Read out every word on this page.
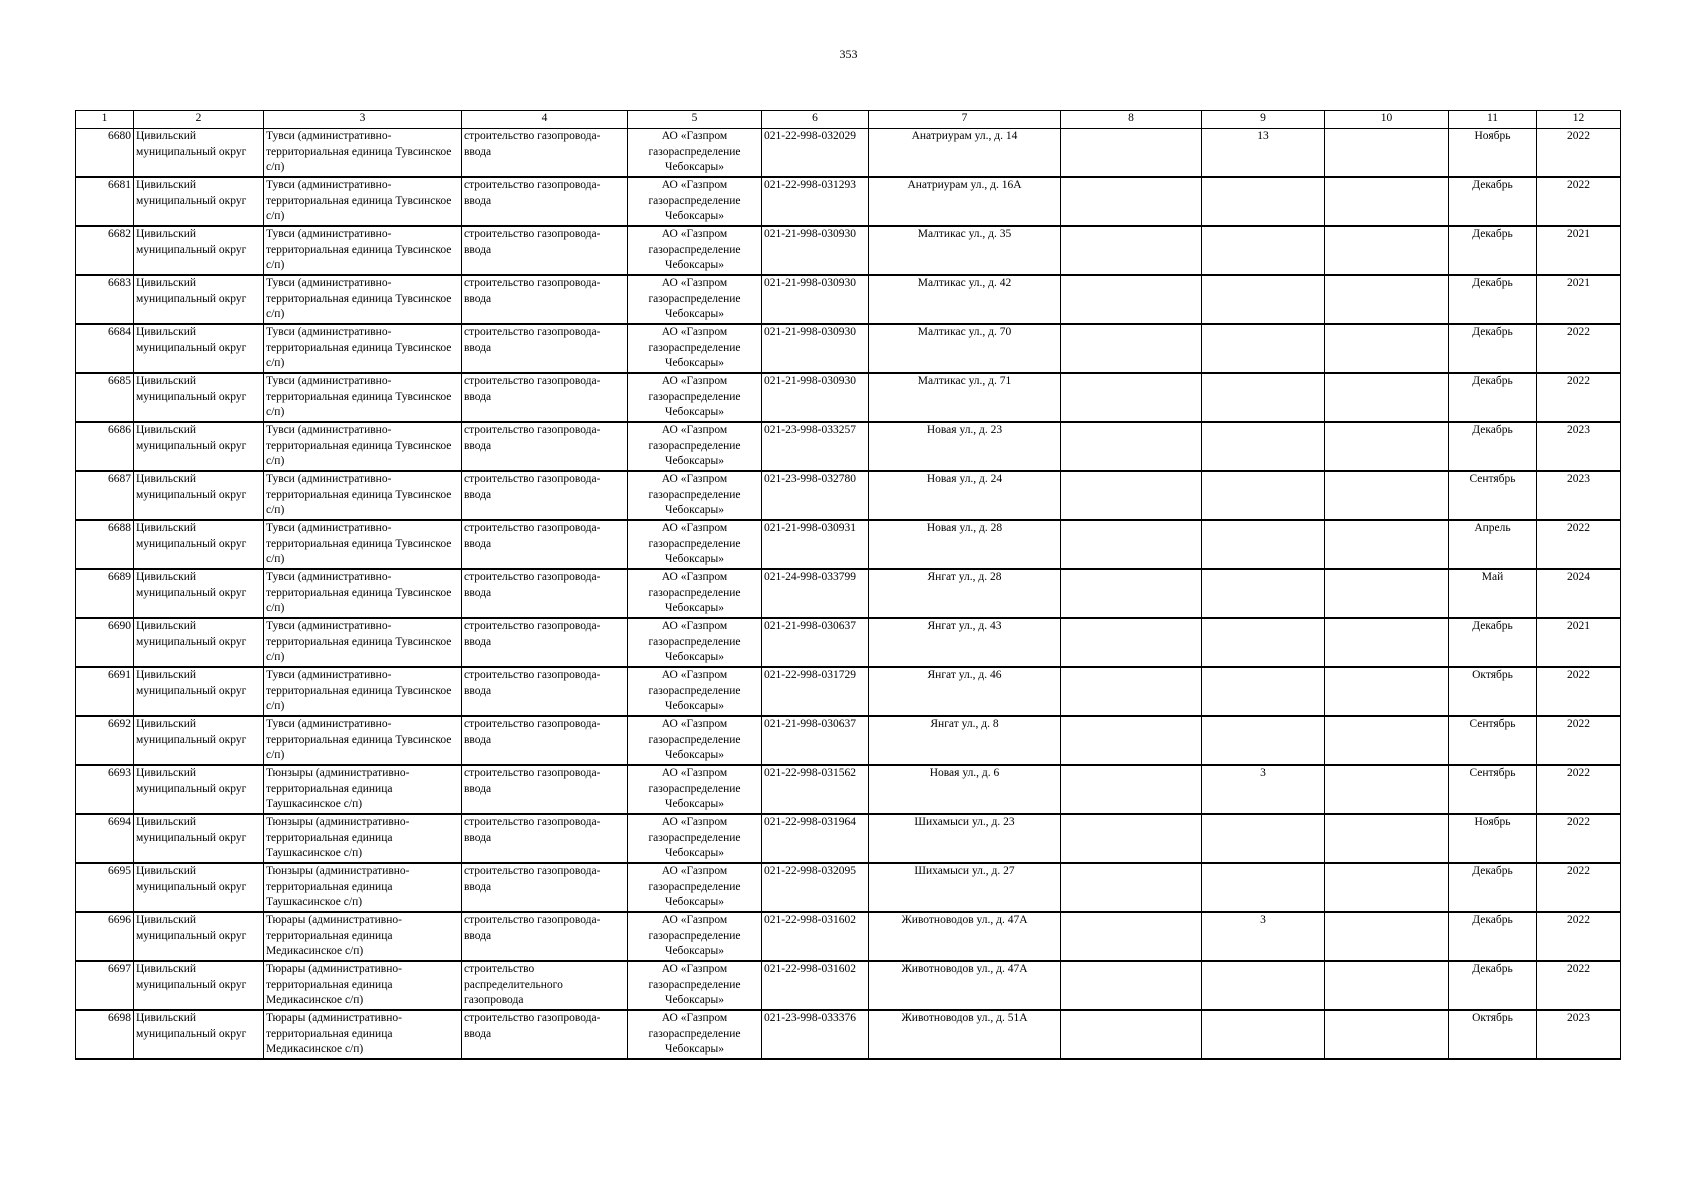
353
1	2	3	4	5	6	7	8	9	10	11	12
6680	Цивильский муниципальный округ	Тувси (административно-территориальная единица Тувсинское с/п)	строительство газопровода-ввода	АО «Газпром газораспределение Чебоксары»	021-22-998-032029	Анатриурам ул., д. 14		13		Ноябрь	2022
6681	Цивильский муниципальный округ	Тувси (административно-территориальная единица Тувсинское с/п)	строительство газопровода-ввода	АО «Газпром газораспределение Чебоксары»	021-22-998-031293	Анатриурам ул., д. 16А				Декабрь	2022
6682	Цивильский муниципальный округ	Тувси (административно-территориальная единица Тувсинское с/п)	строительство газопровода-ввода	АО «Газпром газораспределение Чебоксары»	021-21-998-030930	Малтикас ул., д. 35				Декабрь	2021
6683	Цивильский муниципальный округ	Тувси (административно-территориальная единица Тувсинское с/п)	строительство газопровода-ввода	АО «Газпром газораспределение Чебоксары»	021-21-998-030930	Малтикас ул., д. 42				Декабрь	2021
6684	Цивильский муниципальный округ	Тувси (административно-территориальная единица Тувсинское с/п)	строительство газопровода-ввода	АО «Газпром газораспределение Чебоксары»	021-21-998-030930	Малтикас ул., д. 70				Декабрь	2022
6685	Цивильский муниципальный округ	Тувси (административно-территориальная единица Тувсинское с/п)	строительство газопровода-ввода	АО «Газпром газораспределение Чебоксары»	021-21-998-030930	Малтикас ул., д. 71				Декабрь	2022
6686	Цивильский муниципальный округ	Тувси (административно-территориальная единица Тувсинское с/п)	строительство газопровода-ввода	АО «Газпром газораспределение Чебоксары»	021-23-998-033257	Новая ул., д. 23				Декабрь	2023
6687	Цивильский муниципальный округ	Тувси (административно-территориальная единица Тувсинское с/п)	строительство газопровода-ввода	АО «Газпром газораспределение Чебоксары»	021-23-998-032780	Новая ул., д. 24				Сентябрь	2023
6688	Цивильский муниципальный округ	Тувси (административно-территориальная единица Тувсинское с/п)	строительство газопровода-ввода	АО «Газпром газораспределение Чебоксары»	021-21-998-030931	Новая ул., д. 28				Апрель	2022
6689	Цивильский муниципальный округ	Тувси (административно-территориальная единица Тувсинское с/п)	строительство газопровода-ввода	АО «Газпром газораспределение Чебоксары»	021-24-998-033799	Янгат ул., д. 28				Май	2024
6690	Цивильский муниципальный округ	Тувси (административно-территориальная единица Тувсинское с/п)	строительство газопровода-ввода	АО «Газпром газораспределение Чебоксары»	021-21-998-030637	Янгат ул., д. 43				Декабрь	2021
6691	Цивильский муниципальный округ	Тувси (административно-территориальная единица Тувсинское с/п)	строительство газопровода-ввода	АО «Газпром газораспределение Чебоксары»	021-22-998-031729	Янгат ул., д. 46				Октябрь	2022
6692	Цивильский муниципальный округ	Тувси (административно-территориальная единица Тувсинское с/п)	строительство газопровода-ввода	АО «Газпром газораспределение Чебоксары»	021-21-998-030637	Янгат ул., д. 8				Сентябрь	2022
6693	Цивильский муниципальный округ	Тюнзыры (административно-территориальная единица Таушкасинское с/п)	строительство газопровода-ввода	АО «Газпром газораспределение Чебоксары»	021-22-998-031562	Новая ул., д. 6		3		Сентябрь	2022
6694	Цивильский муниципальный округ	Тюнзыры (административно-территориальная единица Таушкасинское с/п)	строительство газопровода-ввода	АО «Газпром газораспределение Чебоксары»	021-22-998-031964	Шихамыси ул., д. 23				Ноябрь	2022
6695	Цивильский муниципальный округ	Тюнзыры (административно-территориальная единица Таушкасинское с/п)	строительство газопровода-ввода	АО «Газпром газораспределение Чебоксары»	021-22-998-032095	Шихамыси ул., д. 27				Декабрь	2022
6696	Цивильский муниципальный округ	Тюрары (административно-территориальная единица Медикасинское с/п)	строительство газопровода-ввода	АО «Газпром газораспределение Чебоксары»	021-22-998-031602	Животноводов ул., д. 47А		3		Декабрь	2022
6697	Цивильский муниципальный округ	Тюрары (административно-территориальная единица Медикасинское с/п)	строительство распределительного газопровода	АО «Газпром газораспределение Чебоксары»	021-22-998-031602	Животноводов ул., д. 47А				Декабрь	2022
6698	Цивильский муниципальный округ	Тюрары (административно-территориальная единица Медикасинское с/п)	строительство газопровода-ввода	АО «Газпром газораспределение Чебоксары»	021-23-998-033376	Животноводов ул., д. 51А				Октябрь	2023
